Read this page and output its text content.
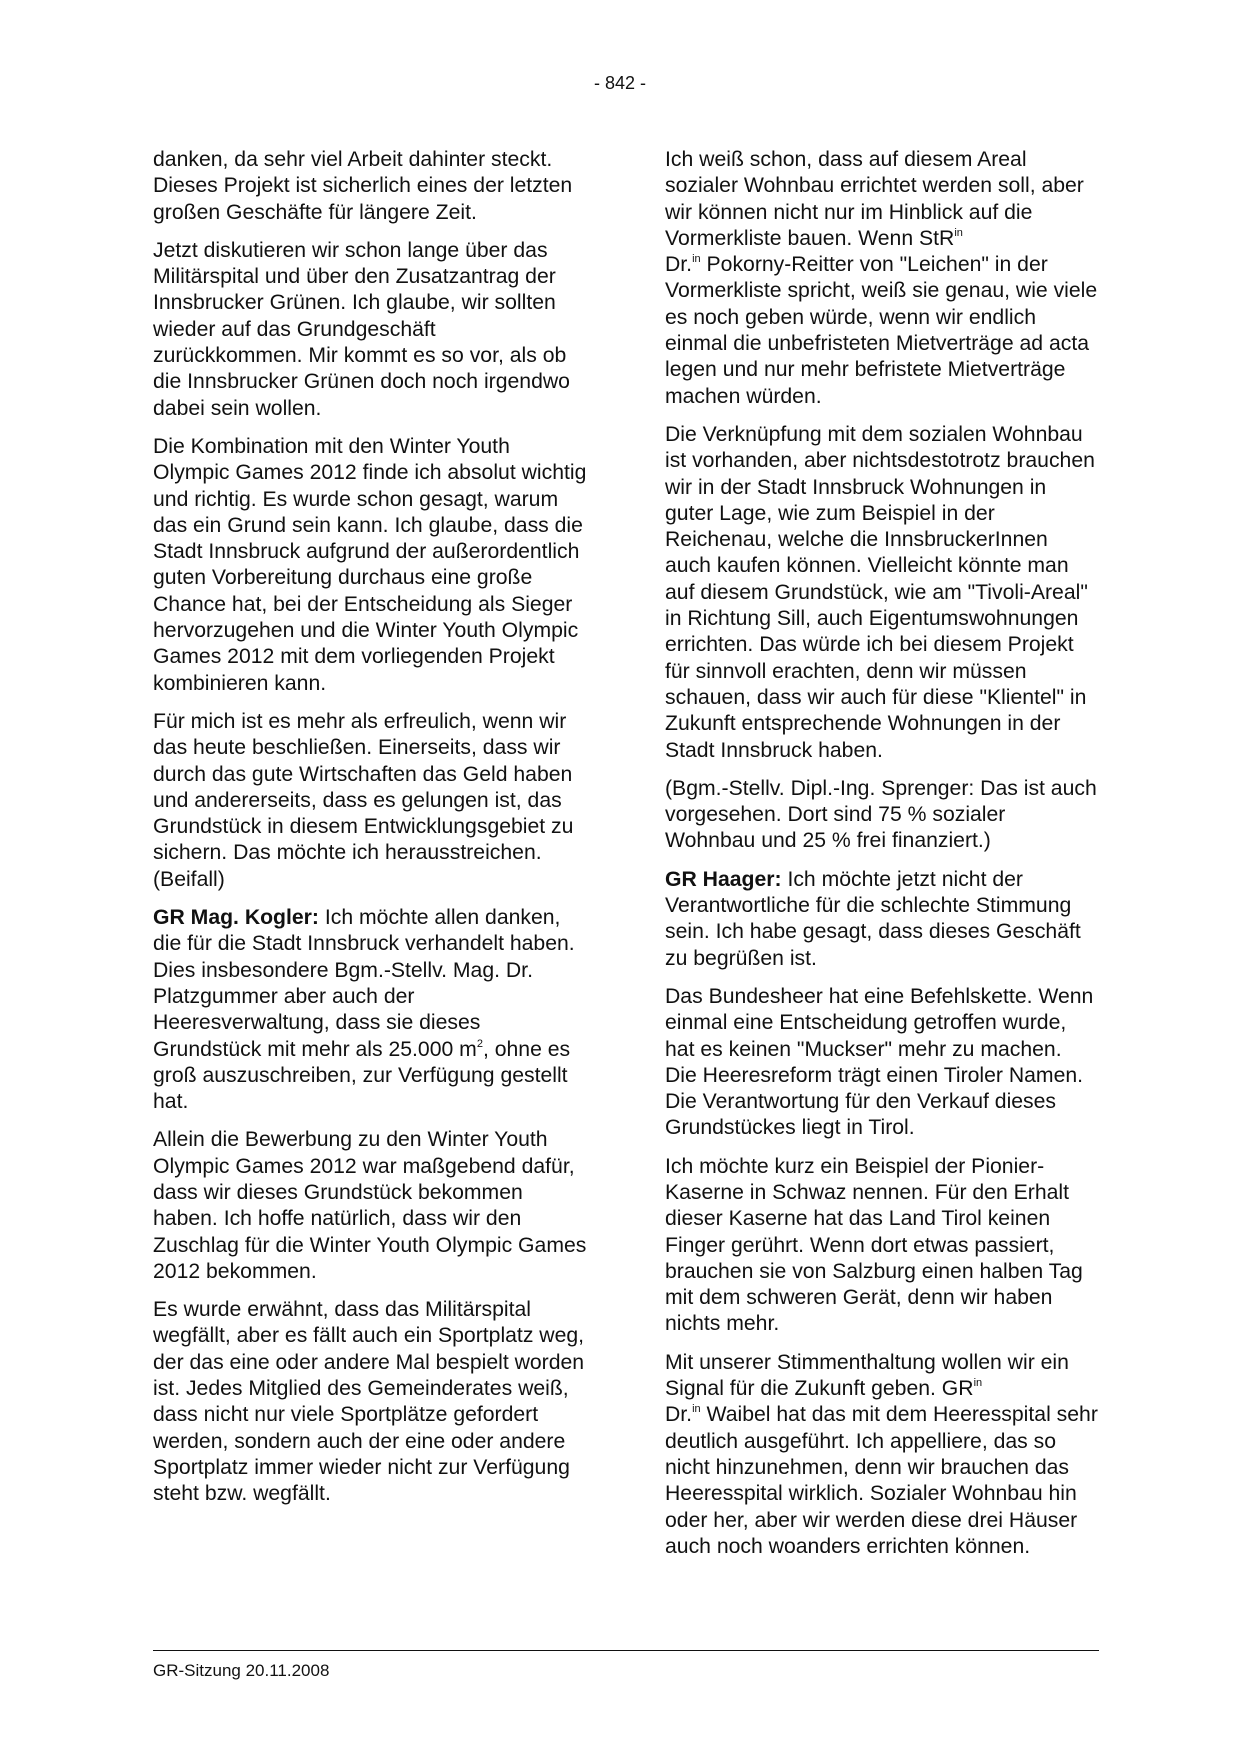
- 842 -

danken, da sehr viel Arbeit dahinter steckt. Dieses Projekt ist sicherlich eines der letzten großen Geschäfte für längere Zeit.

Jetzt diskutieren wir schon lange über das Militärspital und über den Zusatzantrag der Innsbrucker Grünen. Ich glaube, wir sollten wieder auf das Grundgeschäft zurückkommen. Mir kommt es so vor, als ob die Innsbrucker Grünen doch noch irgendwo dabei sein wollen.

Die Kombination mit den Winter Youth Olympic Games 2012 finde ich absolut wichtig und richtig. Es wurde schon gesagt, warum das ein Grund sein kann. Ich glaube, dass die Stadt Innsbruck aufgrund der außerordentlich guten Vorbereitung durchaus eine große Chance hat, bei der Entscheidung als Sieger hervorzugehen und die Winter Youth Olympic Games 2012 mit dem vorliegenden Projekt kombinieren kann.

Für mich ist es mehr als erfreulich, wenn wir das heute beschließen. Einerseits, dass wir durch das gute Wirtschaften das Geld haben und andererseits, dass es gelungen ist, das Grundstück in diesem Entwicklungsgebiet zu sichern. Das möchte ich herausstreichen. (Beifall)

GR Mag. Kogler: Ich möchte allen danken, die für die Stadt Innsbruck verhandelt haben. Dies insbesondere Bgm.-Stellv. Mag. Dr. Platzgummer aber auch der Heeresverwaltung, dass sie dieses Grundstück mit mehr als 25.000 $m^2$, ohne es groß auszuschreiben, zur Verfügung gestellt hat.

Allein die Bewerbung zu den Winter Youth Olympic Games 2012 war maßgebend dafür, dass wir dieses Grundstück bekommen haben. Ich hoffe natürlich, dass wir den Zuschlag für die Winter Youth Olympic Games 2012 bekommen.

Es wurde erwähnt, dass das Militärspital wegfällt, aber es fällt auch ein Sportplatz weg, der das eine oder andere Mal bespielt worden ist. Jedes Mitglied des Gemeinderates weiß, dass nicht nur viele Sportplätze gefordert werden, sondern auch der eine oder andere Sportplatz immer wieder nicht zur Verfügung steht bzw. wegfällt.

Ich weiß schon, dass auf diesem Areal sozialer Wohnbau errichtet werden soll, aber wir können nicht nur im Hinblick auf die Vormerkliste bauen. Wenn StR$^{in}$
Dr.$^{in}$ Pokorny-Reitter von "Leichen" in der Vormerkliste spricht, weiß sie genau, wie viele es noch geben würde, wenn wir endlich einmal die unbefristeten Mietverträge ad acta legen und nur mehr befristete Mietverträge machen würden.

Die Verknüpfung mit dem sozialen Wohnbau ist vorhanden, aber nichtsdestotrotz brauchen wir in der Stadt Innsbruck Wohnungen in guter Lage, wie zum Beispiel in der Reichenau, welche die InnsbruckerInnen auch kaufen können. Vielleicht könnte man auf diesem Grundstück, wie am "Tivoli-Areal" in Richtung Sill, auch Eigentumswohnungen errichten. Das würde ich bei diesem Projekt für sinnvoll erachten, denn wir müssen schauen, dass wir auch für diese "Klientel" in Zukunft entsprechende Wohnungen in der Stadt Innsbruck haben.

(Bgm.-Stellv. Dipl.-Ing. Sprenger: Das ist auch vorgesehen. Dort sind 75 % sozialer Wohnbau und 25 % frei finanziert.)

GR Haager: Ich möchte jetzt nicht der Verantwortliche für die schlechte Stimmung sein. Ich habe gesagt, dass dieses Geschäft zu begrüßen ist.

Das Bundesheer hat eine Befehlskette. Wenn einmal eine Entscheidung getroffen wurde, hat es keinen "Muckser" mehr zu machen. Die Heeresreform trägt einen Tiroler Namen. Die Verantwortung für den Verkauf dieses Grundstückes liegt in Tirol.

Ich möchte kurz ein Beispiel der Pionier-Kaserne in Schwaz nennen. Für den Erhalt dieser Kaserne hat das Land Tirol keinen Finger gerührt. Wenn dort etwas passiert, brauchen sie von Salzburg einen halben Tag mit dem schweren Gerät, denn wir haben nichts mehr.

Mit unserer Stimmenthaltung wollen wir ein Signal für die Zukunft geben. $GR^{in}$
Dr.$^{in}$ Waibel hat das mit dem Heeresspital sehr deutlich ausgeführt. Ich appelliere, das so nicht hinzunehmen, denn wir brauchen das Heeresspital wirklich. Sozialer Wohnbau hin oder her, aber wir werden diese drei Häuser auch noch woanders errichten können.

GR-Sitzung 20.11.2008
